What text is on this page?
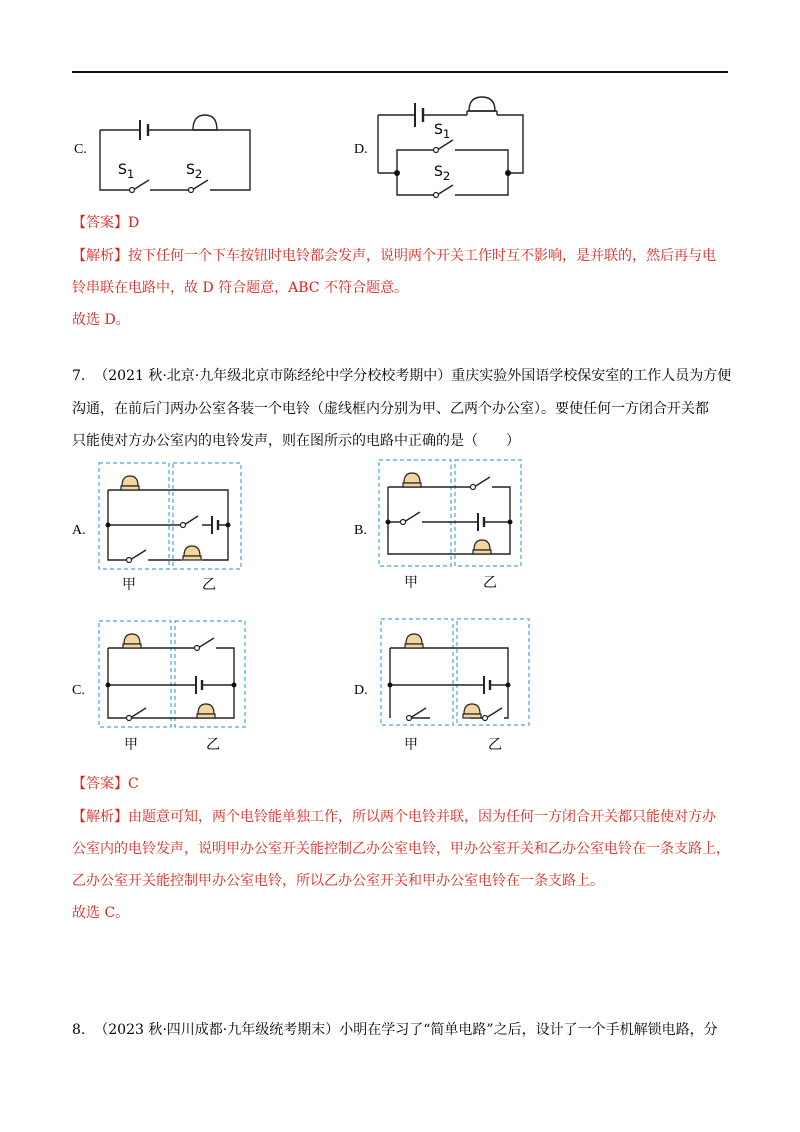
C.
$S_1$	$S_2$
D.
$S_1$
$S_2$
【答案】D
【解析】按下任何一个下车按钮时电铃都会发声，说明两个开关工作时互不影响，是并联的，然后再与电
铃串联在电路中，故 D 符合题意，ABC 不符合题意。
故选 D。
7. （2021 秋·北京·九年级北京市陈经纶中学分校校考期中）重庆实验外国语学校保安室的工作人员为方便
沟通，在前后门两办公室各装一个电铃（虚线框内分别为甲、乙两个办公室）。要使任何一方闭合开关都
只能使对方办公室内的电铃发声，则在图所示的电路中正确的是（　　）
A.
甲	乙
B.
甲	乙
C.
甲	乙
D.
甲	乙
【答案】C
【解析】由题意可知，两个电铃能单独工作，所以两个电铃并联，因为任何一方闭合开关都只能使对方办
公室内的电铃发声，说明甲办公室开关能控制乙办公室电铃，甲办公室开关和乙办公室电铃在一条支路上，
乙办公室开关能控制甲办公室电铃，所以乙办公室开关和甲办公室电铃在一条支路上。
故选 C。
8. （2023 秋·四川成都·九年级统考期末）小明在学习了“简单电路”之后，设计了一个手机解锁电路，分
